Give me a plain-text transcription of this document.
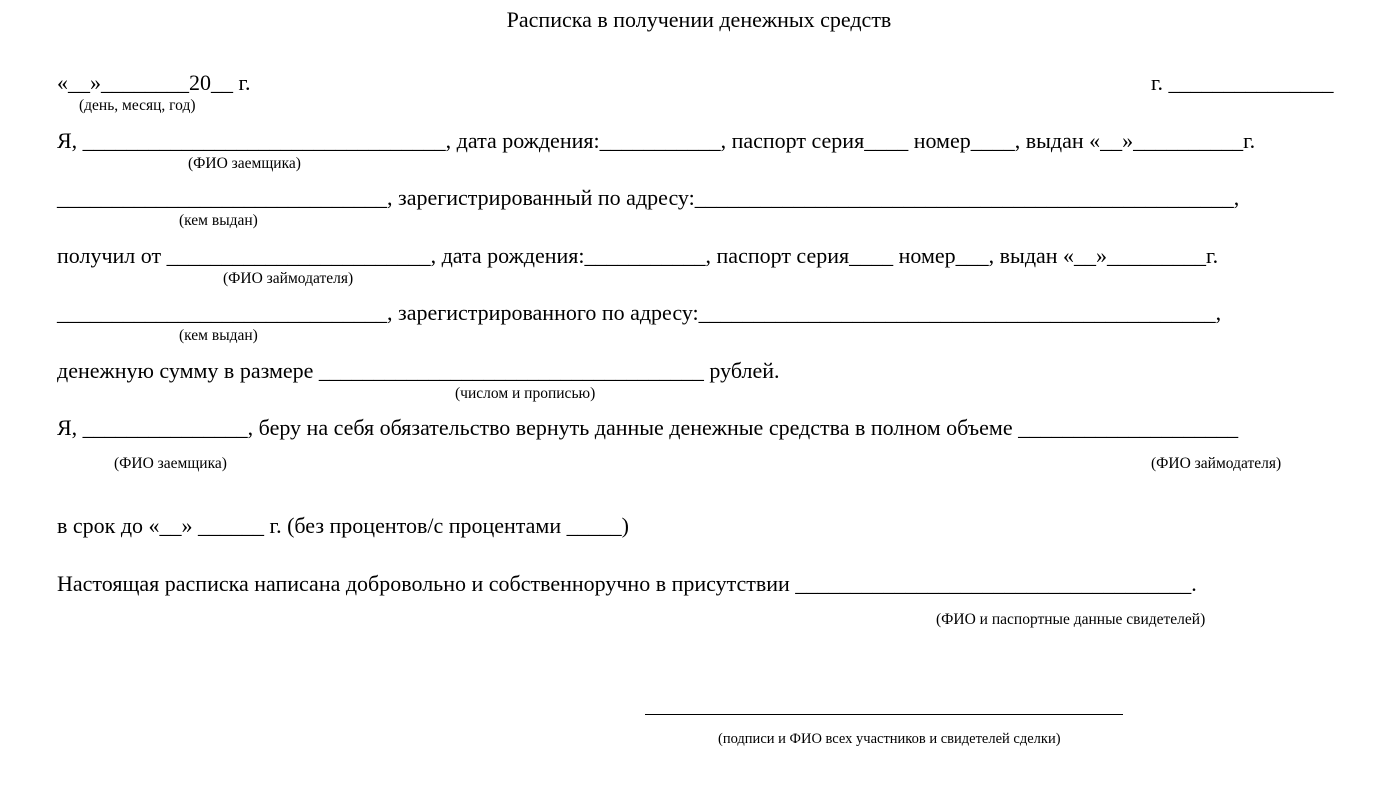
Расписка в получении денежных средств
«__»________20__ г.
(день, месяц, год)
г. _______________
Я, _________________________________, дата рождения:___________, паспорт серия____ номер____, выдан «__»__________г.
(ФИО заемщика)
______________________________, зарегистрированный по адресу:_________________________________________________,
(кем выдан)
получил от ________________________, дата рождения:___________, паспорт серия____ номер___, выдан «__»_________г.
(ФИО займодателя)
______________________________, зарегистрированного по адресу:_______________________________________________,
(кем выдан)
денежную сумму в размере ___________________________________ рублей.
(числом и прописью)
Я, _______________, беру на себя обязательство вернуть данные денежные средства в полном объеме ____________________
(ФИО заемщика)	(ФИО займодателя)
в срок до «__» ______ г. (без процентов/с процентами _____)
Настоящая расписка написана добровольно и собственноручно в присутствии ____________________________________.
(ФИО и паспортные данные свидетелей)
(подписи и ФИО всех участников и свидетелей сделки)
